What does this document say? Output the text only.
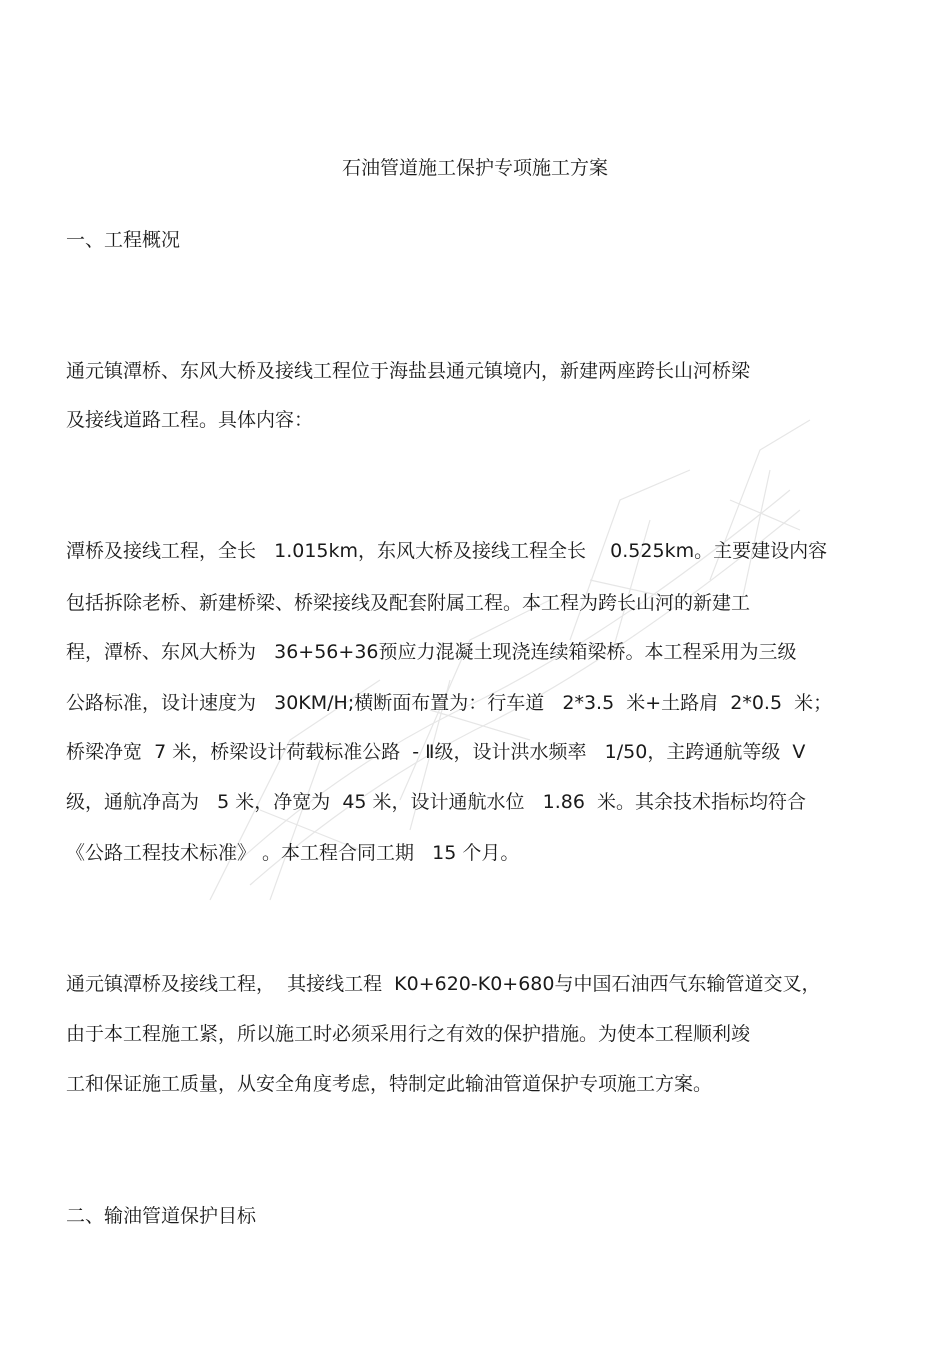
石油管道施工保护专项施工方案
一、工程概况
通元镇潭桥、东风大桥及接线工程位于海盐县通元镇境内，新建两座跨长山河桥梁
及接线道路工程。具体内容：
潭桥及接线工程，全长   1.015km，东风大桥及接线工程全长    0.525km。主要建设内容
包括拆除老桥、新建桥梁、桥梁接线及配套附属工程。本工程为跨长山河的新建工
程，潭桥、东风大桥为   36+56+36预应力混凝土现浇连续箱梁桥。本工程采用为三级
公路标准，设计速度为   30KM/H;横断面布置为：行车道   2*3.5  米+土路肩  2*0.5  米；
桥梁净宽  7 米，桥梁设计荷载标准公路  - Ⅱ级，设计洪水频率   1/50，主跨通航等级  Ⅴ
级，通航净高为   5 米，净宽为  45 米，设计通航水位   1.86  米。其余技术指标均符合
《公路工程技术标准》 。本工程合同工期   15 个月。
通元镇潭桥及接线工程，  其接线工程  K0+620-K0+680与中国石油西气东输管道交叉，
由于本工程施工紧，所以施工时必须采用行之有效的保护措施。为使本工程顺利竣
工和保证施工质量，从安全角度考虑，特制定此输油管道保护专项施工方案。
二、输油管道保护目标
